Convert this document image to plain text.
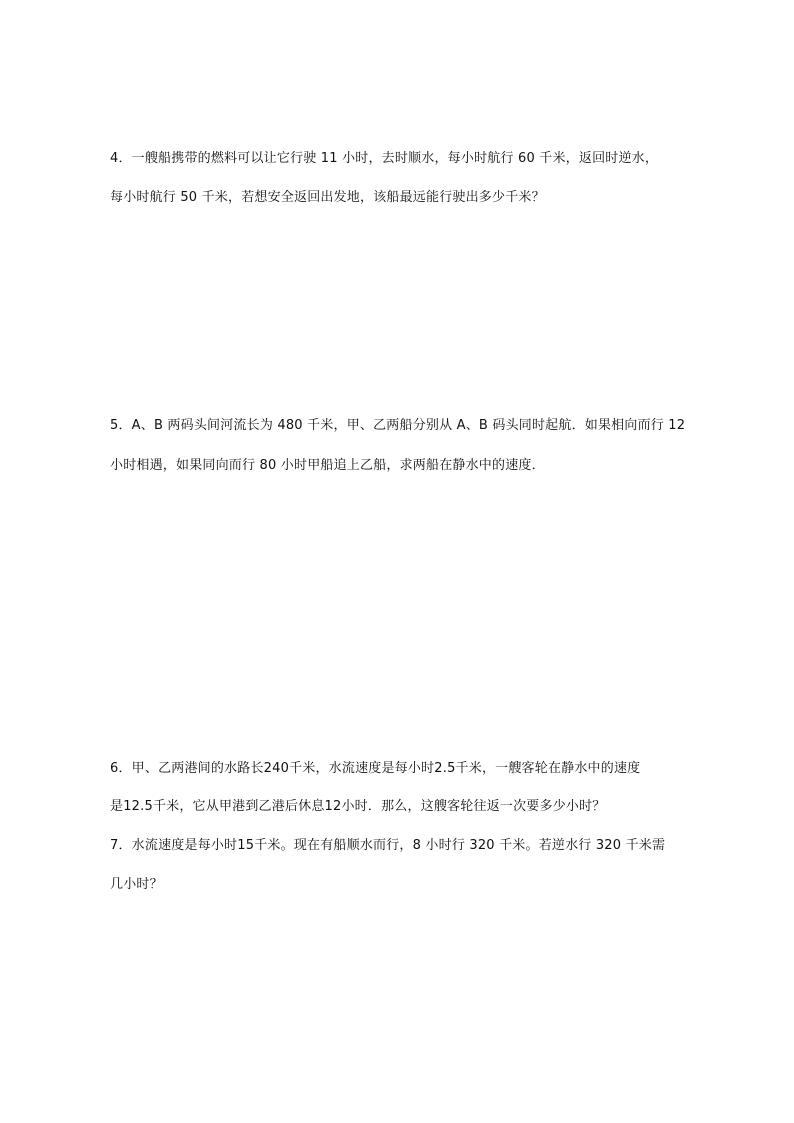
4．一艘船携带的燃料可以让它行驶 11 小时，去时顺水，每小时航行 60 千米，返回时逆水，
每小时航行 50 千米，若想安全返回出发地，该船最远能行驶出多少千米？
5．A、B 两码头间河流长为 480 千米，甲、乙两船分别从 A、B 码头同时起航．如果相向而行 12
小时相遇，如果同向而行 80 小时甲船追上乙船，求两船在静水中的速度．
6．甲、乙两港间的水路长240千米，水流速度是每小时2.5千米，一艘客轮在静水中的速度
是12.5千米，它从甲港到乙港后休息12小时．那么，这艘客轮往返一次要多少小时？
7．水流速度是每小时15千米。现在有船顺水而行，8 小时行 320 千米。若逆水行 320 千米需
几小时？
